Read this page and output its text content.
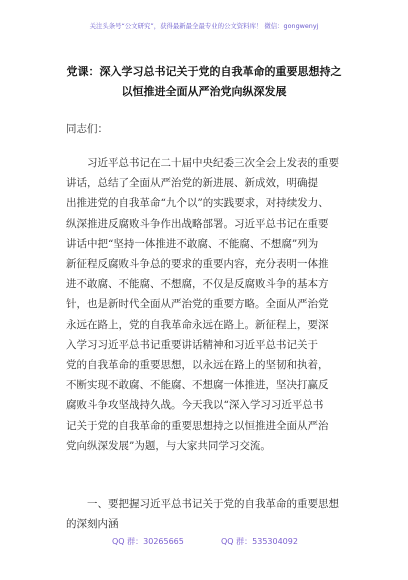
关注头条号“公文研究”，获得最新最全最专业的公文资料库！ 微信：gongwenyj
党课：深入学习总书记关于党的自我革命的重要思想持之
以恒推进全面从严治党向纵深发展
同志们：

　　习近平总书记在二十届中央纪委三次全会上发表的重要
讲话，总结了全面从严治党的新进展、新成效，明确提
出推进党的自我革命“九个以”的实践要求，对持续发力、
纵深推进反腐败斗争作出战略部署。习近平总书记在重要
讲话中把“坚持一体推进不敢腐、不能腐、不想腐”列为
新征程反腐败斗争总的要求的重要内容，充分表明一体推
进不敢腐、不能腐、不想腐，不仅是反腐败斗争的基本方
针，也是新时代全面从严治党的重要方略。全面从严治党
永远在路上，党的自我革命永远在路上。新征程上，要深
入学习习近平总书记重要讲话精神和习近平总书记关于
党的自我革命的重要思想，以永远在路上的坚韧和执着，
不断实现不敢腐、不能腐、不想腐一体推进，坚决打赢反
腐败斗争攻坚战持久战。今天我以“深入学习习近平总书
记关于党的自我革命的重要思想持之以恒推进全面从严治
党向纵深发展”为题，与大家共同学习交流。

　　一、要把握习近平总书记关于党的自我革命的重要思想
的深刻内涵

QQ 群：30265665	QQ 群：535304092
